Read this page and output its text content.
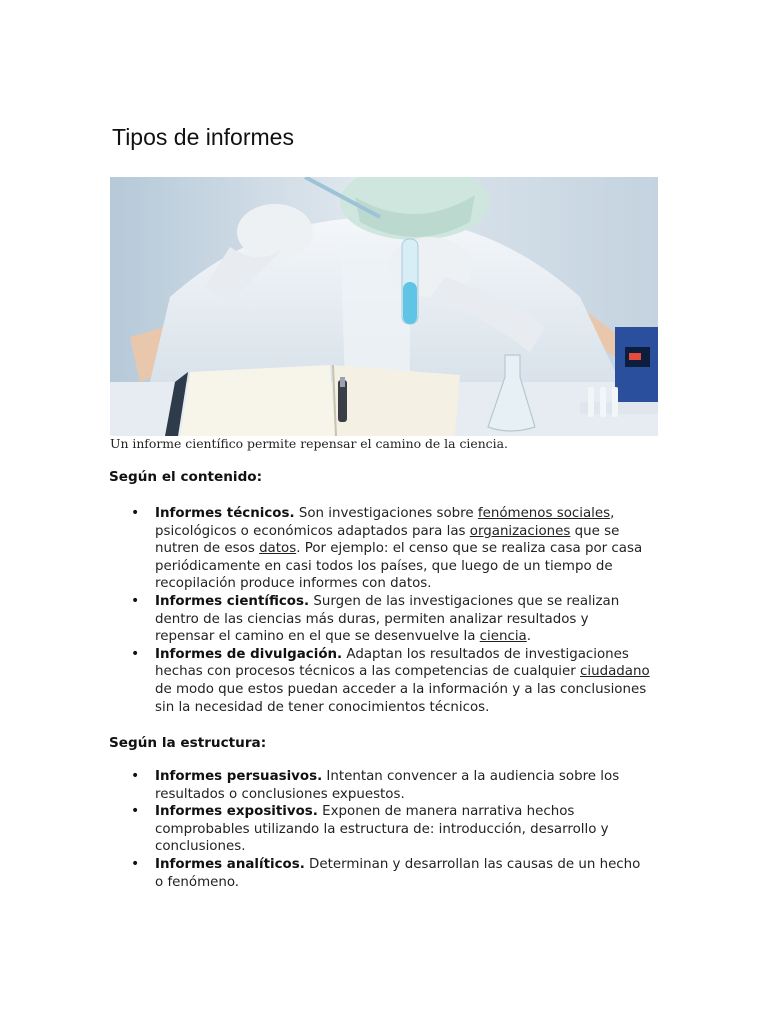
Tipos de informes
Un informe científico permite repensar el camino de la ciencia.
Según el contenido:
• Informes técnicos. Son investigaciones sobre fenómenos sociales, psicológicos o económicos adaptados para las organizaciones que se nutren de esos datos. Por ejemplo: el censo que se realiza casa por casa periódicamente en casi todos los países, que luego de un tiempo de recopilación produce informes con datos.
• Informes científicos. Surgen de las investigaciones que se realizan dentro de las ciencias más duras, permiten analizar resultados y repensar el camino en el que se desenvuelve la ciencia.
• Informes de divulgación. Adaptan los resultados de investigaciones hechas con procesos técnicos a las competencias de cualquier ciudadano de modo que estos puedan acceder a la información y a las conclusiones sin la necesidad de tener conocimientos técnicos.
Según la estructura:
• Informes persuasivos. Intentan convencer a la audiencia sobre los resultados o conclusiones expuestos.
• Informes expositivos. Exponen de manera narrativa hechos comprobables utilizando la estructura de: introducción, desarrollo y conclusiones.
• Informes analíticos. Determinan y desarrollan las causas de un hecho o fenómeno.
